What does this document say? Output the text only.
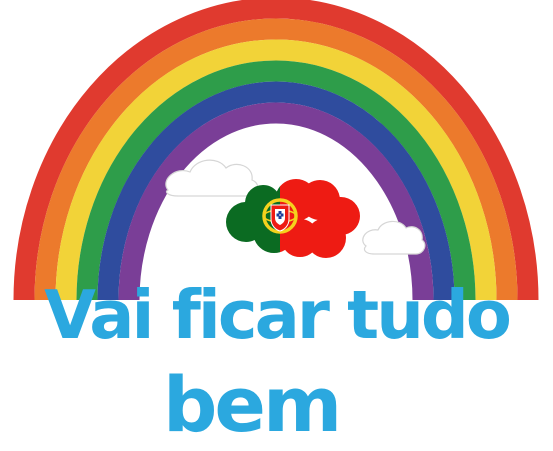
Vai ficar tudo
bem
